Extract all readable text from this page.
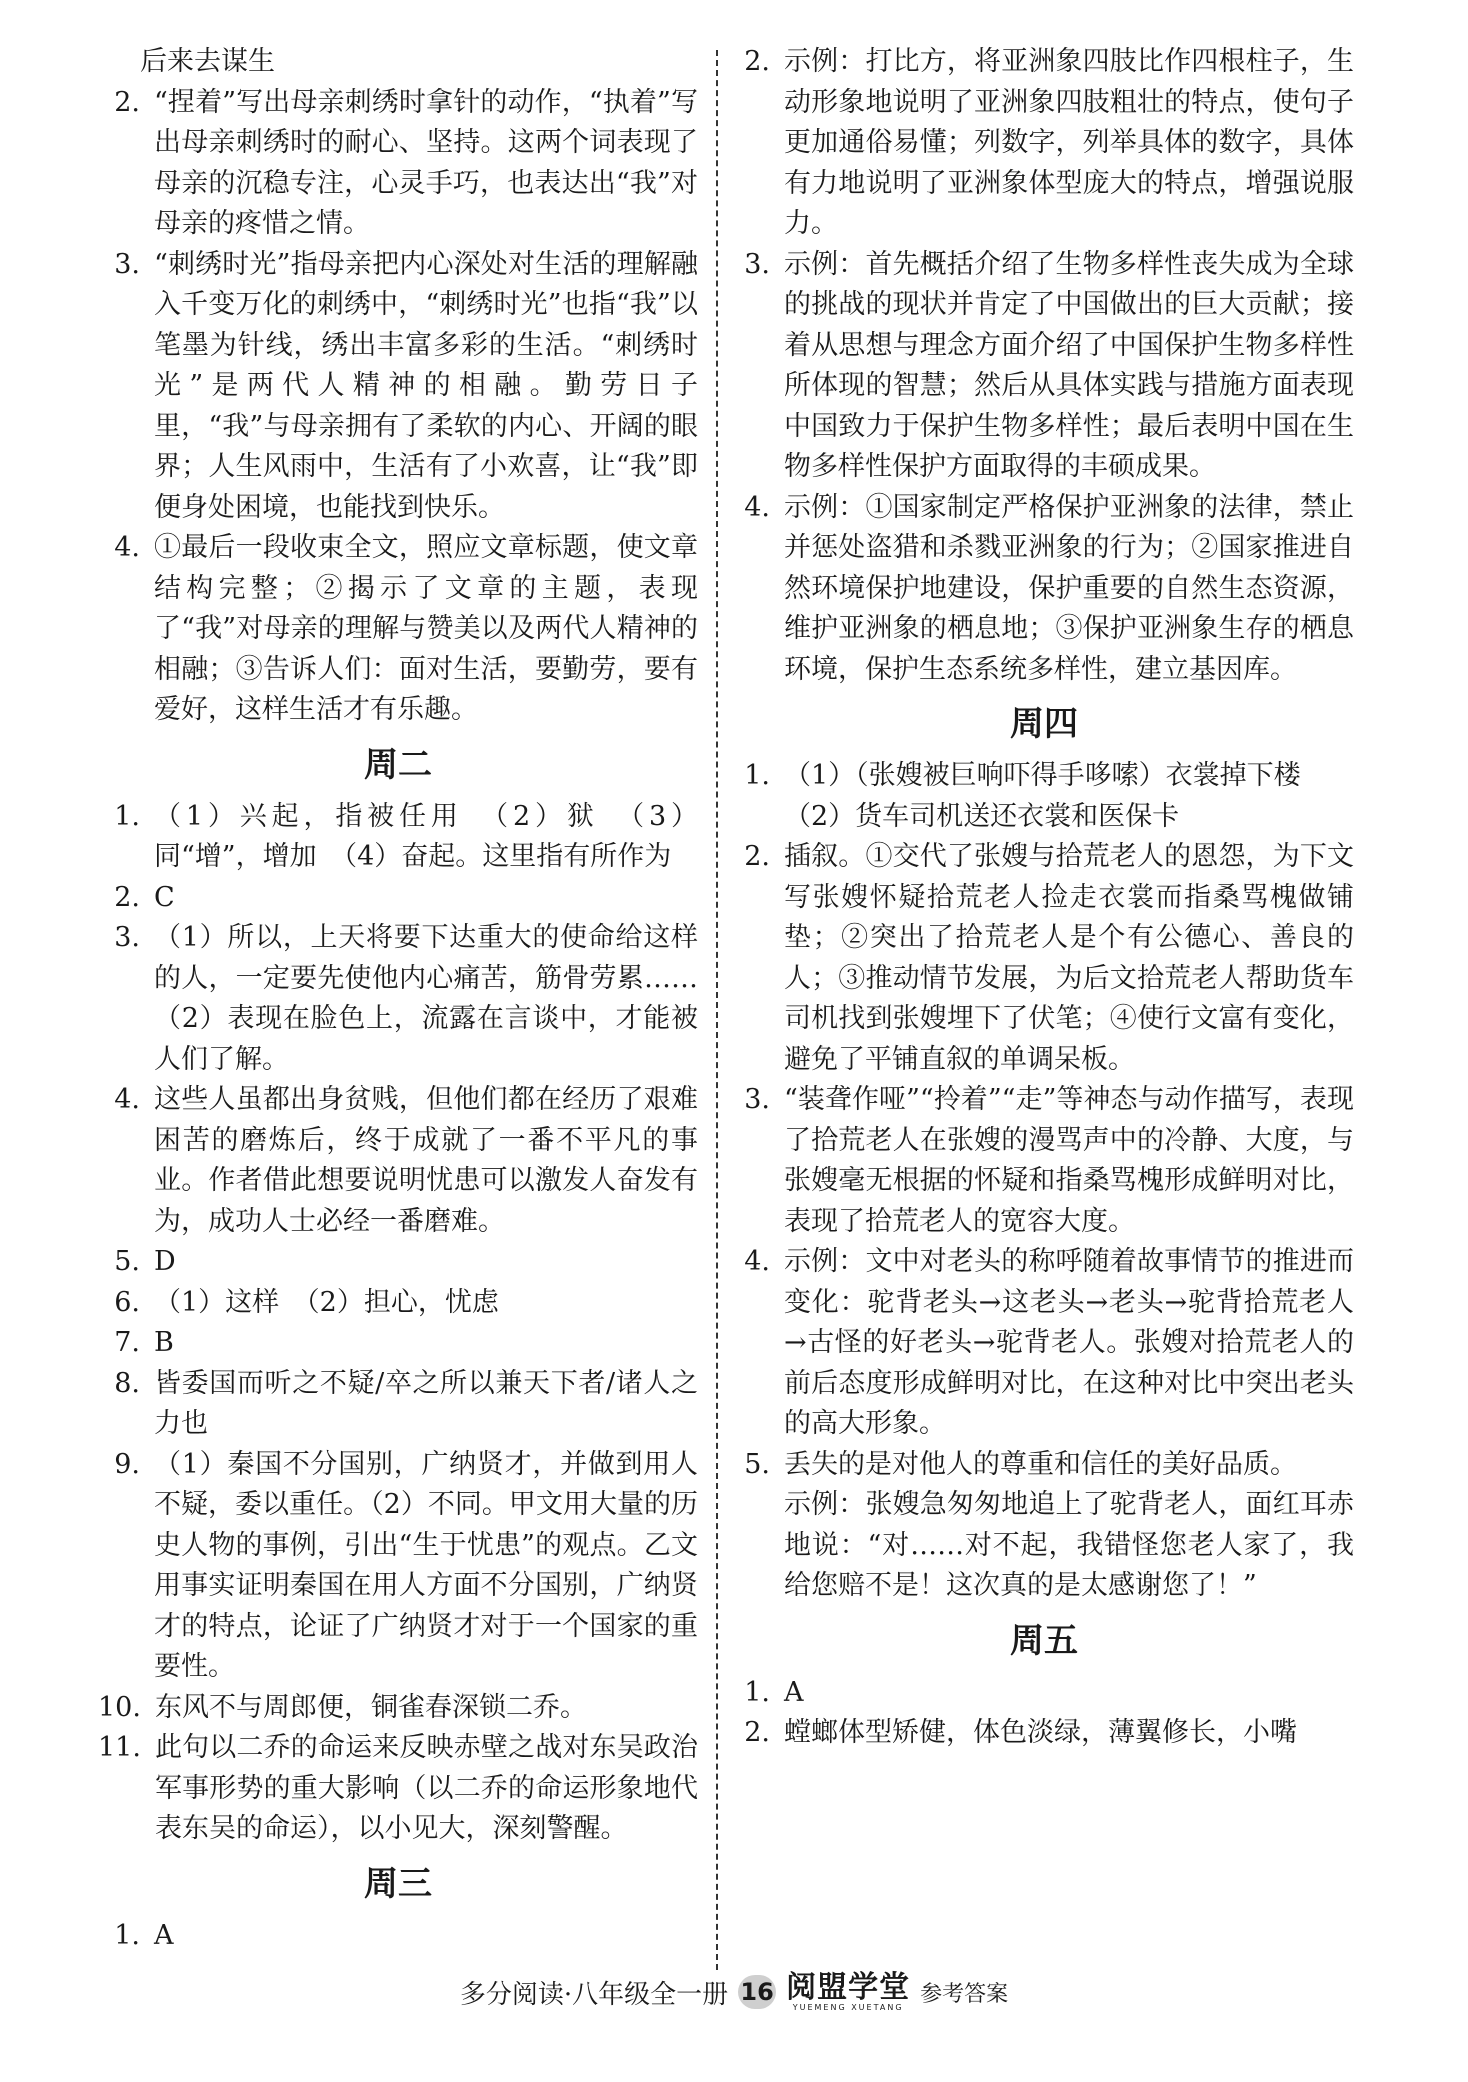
后来去谋生
2. “捏着”写出母亲刺绣时拿针的动作，“执着”写出母亲刺绣时的耐心、坚持。这两个词表现了母亲的沉稳专注，心灵手巧，也表达出“我”对母亲的疼惜之情。
3. “刺绣时光”指母亲把内心深处对生活的理解融入千变万化的刺绣中，“刺绣时光”也指“我”以笔墨为针线，绣出丰富多彩的生活。“刺绣时光”是两代人精神的相融。勤劳日子里，“我”与母亲拥有了柔软的内心、开阔的眼界；人生风雨中，生活有了小欢喜，让“我”即便身处困境，也能找到快乐。
4. ①最后一段收束全文，照应文章标题，使文章结构完整；②揭示了文章的主题，表现了“我”对母亲的理解与赞美以及两代人精神的相融；③告诉人们：面对生活，要勤劳，要有爱好，这样生活才有乐趣。
周二
1. （1）兴起，指被任用　（2）狱　（3）同“增”，增加　（4）奋起。这里指有所作为
2. C
3. （1）所以，上天将要下达重大的使命给这样的人，一定要先使他内心痛苦，筋骨劳累……（2）表现在脸色上，流露在言谈中，才能被人们了解。
4. 这些人虽都出身贫贱，但他们都在经历了艰难困苦的磨炼后，终于成就了一番不平凡的事业。作者借此想要说明忧患可以激发人奋发有为，成功人士必经一番磨难。
5. D
6. （1）这样　（2）担心，忧虑
7. B
8. 皆委国而听之不疑/卒之所以兼天下者/诸人之力也
9. （1）秦国不分国别，广纳贤才，并做到用人不疑，委以重任。（2）不同。甲文用大量的历史人物的事例，引出“生于忧患”的观点。乙文用事实证明秦国在用人方面不分国别，广纳贤才的特点，论证了广纳贤才对于一个国家的重要性。
10. 东风不与周郎便，铜雀春深锁二乔。
11. 此句以二乔的命运来反映赤壁之战对东吴政治军事形势的重大影响（以二乔的命运形象地代表东吴的命运），以小见大，深刻警醒。
周三
1. A
2. 示例：打比方，将亚洲象四肢比作四根柱子，生动形象地说明了亚洲象四肢粗壮的特点，使句子更加通俗易懂；列数字，列举具体的数字，具体有力地说明了亚洲象体型庞大的特点，增强说服力。
3. 示例：首先概括介绍了生物多样性丧失成为全球的挑战的现状并肯定了中国做出的巨大贡献；接着从思想与理念方面介绍了中国保护生物多样性所体现的智慧；然后从具体实践与措施方面表现中国致力于保护生物多样性；最后表明中国在生物多样性保护方面取得的丰硕成果。
4. 示例：①国家制定严格保护亚洲象的法律，禁止并惩处盗猎和杀戮亚洲象的行为；②国家推进自然环境保护地建设，保护重要的自然生态资源，维护亚洲象的栖息地；③保护亚洲象生存的栖息环境，保护生态系统多样性，建立基因库。
周四
1. （1）（张嫂被巨响吓得手哆嗦）衣裳掉下楼
（2）货车司机送还衣裳和医保卡
2. 插叙。①交代了张嫂与拾荒老人的恩怨，为下文写张嫂怀疑拾荒老人捡走衣裳而指桑骂槐做铺垫；②突出了拾荒老人是个有公德心、善良的人；③推动情节发展，为后文拾荒老人帮助货车司机找到张嫂埋下了伏笔；④使行文富有变化，避免了平铺直叙的单调呆板。
3. “装聋作哑”“拎着”“走”等神态与动作描写，表现了拾荒老人在张嫂的漫骂声中的冷静、大度，与张嫂毫无根据的怀疑和指桑骂槐形成鲜明对比，表现了拾荒老人的宽容大度。
4. 示例：文中对老头的称呼随着故事情节的推进而变化：驼背老头→这老头→老头→驼背拾荒老人→古怪的好老头→驼背老人。张嫂对拾荒老人的前后态度形成鲜明对比，在这种对比中突出老头的高大形象。
5. 丢失的是对他人的尊重和信任的美好品质。
示例：张嫂急匆匆地追上了驼背老人，面红耳赤地说：“对……对不起，我错怪您老人家了，我给您赔不是！这次真的是太感谢您了！”
周五
1. A
2. 螳螂体型矫健，体色淡绿，薄翼修长，小嘴
多分阅读·八年级全一册 16 阅盟学堂
YUEMENG XUETANG
参考答案
